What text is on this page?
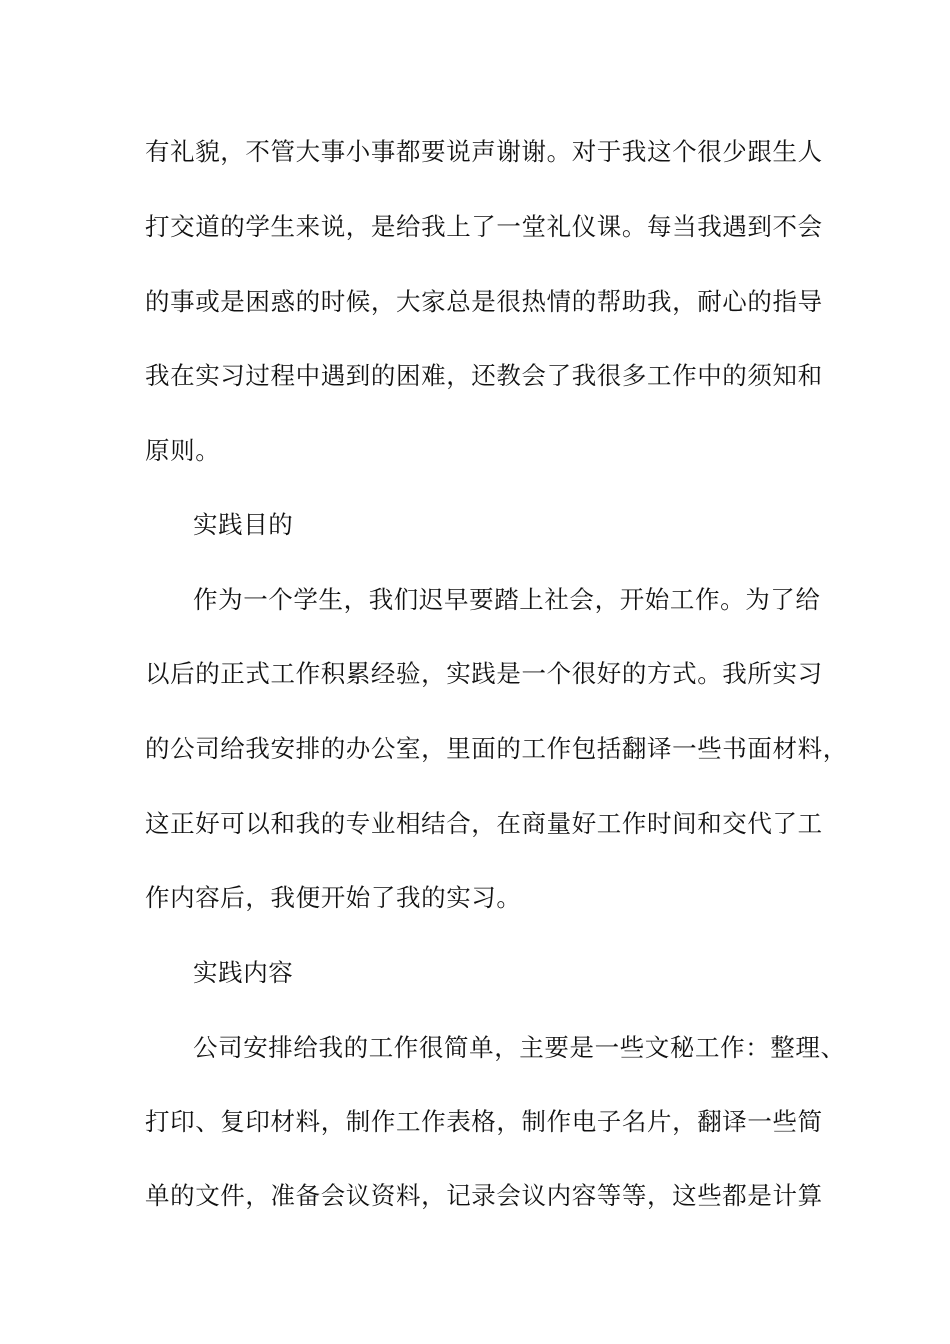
有礼貌，不管大事小事都要说声谢谢。对于我这个很少跟生人
打交道的学生来说，是给我上了一堂礼仪课。每当我遇到不会
的事或是困惑的时候，大家总是很热情的帮助我，耐心的指导
我在实习过程中遇到的困难，还教会了我很多工作中的须知和
原则。
实践目的
作为一个学生，我们迟早要踏上社会，开始工作。为了给
以后的正式工作积累经验，实践是一个很好的方式。我所实习
的公司给我安排的办公室，里面的工作包括翻译一些书面材料，
这正好可以和我的专业相结合，在商量好工作时间和交代了工
作内容后，我便开始了我的实习。
实践内容
公司安排给我的工作很简单，主要是一些文秘工作：整理、
打印、复印材料，制作工作表格，制作电子名片，翻译一些简
单的文件，准备会议资料，记录会议内容等等，这些都是计算
